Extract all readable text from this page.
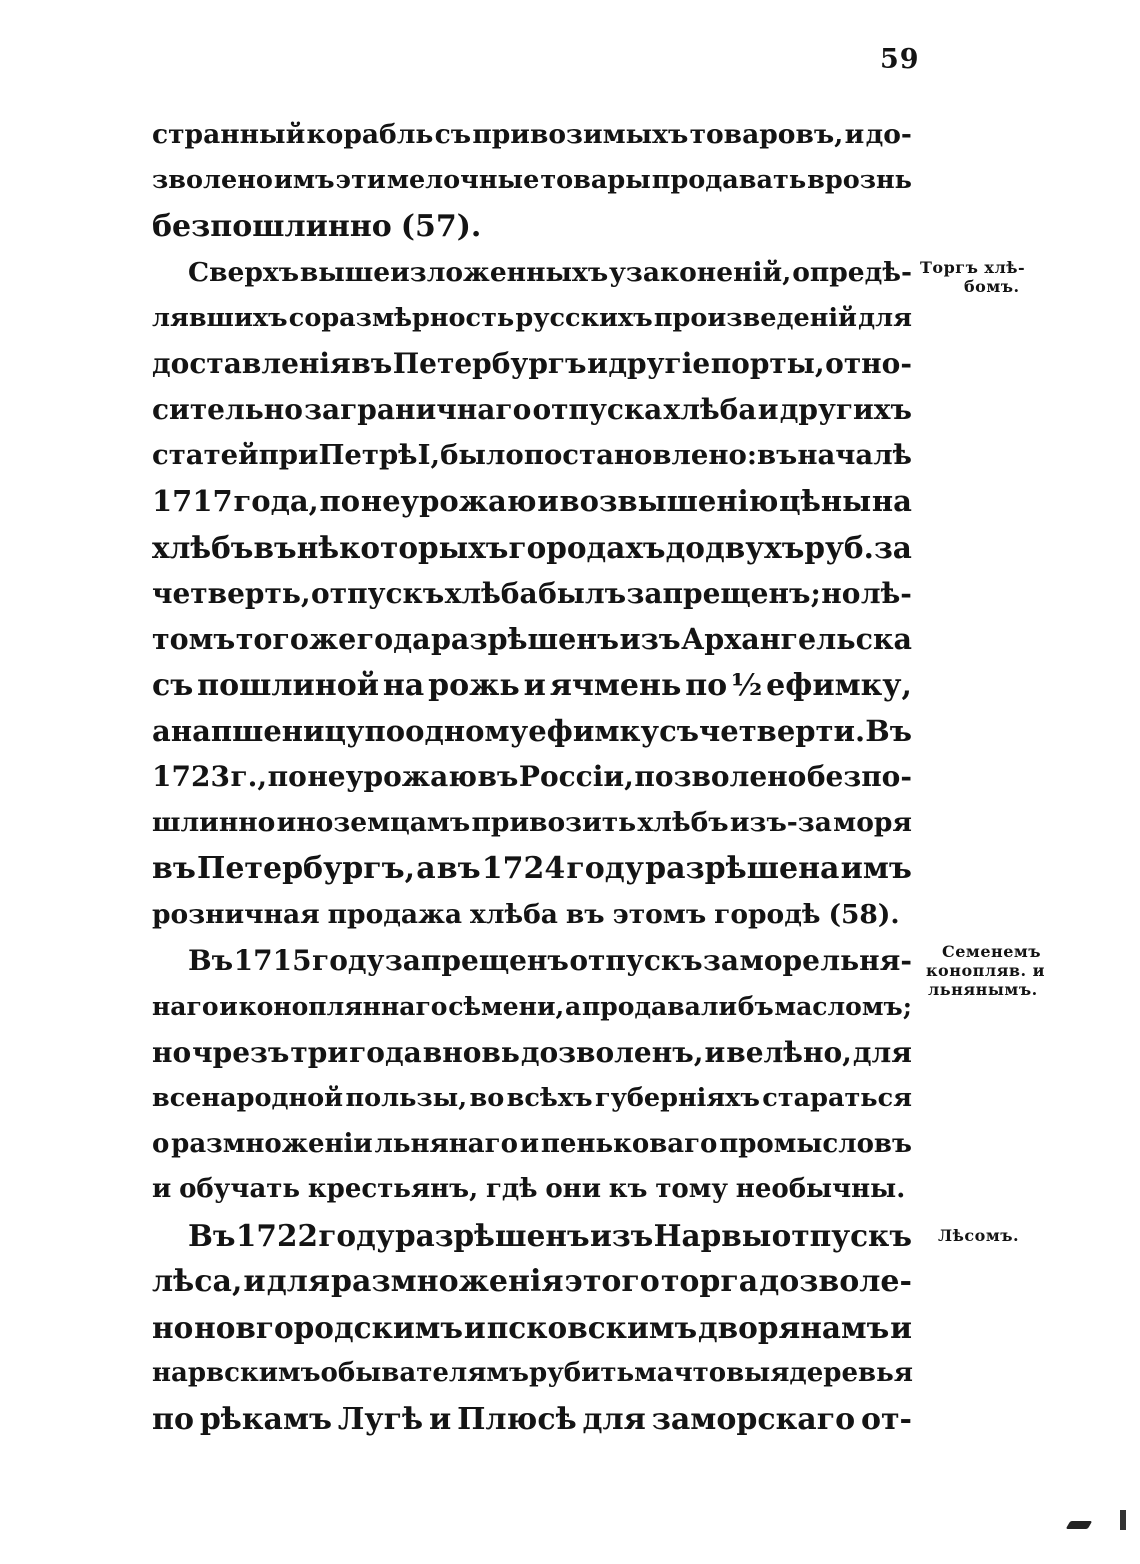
59
странный корабль съ привозимыхъ товаровъ, и до-
зволено имъ эти мелочные товары продавать врознь
безпошлинно (57).
Сверхъ вышеизложенныхъ узаконенiй, опредѣ-
лявшихъ соразмѣрность русскихъ произведенiй для
доставленiя въ Петербургъ и другiе порты, отно-
сительно заграничнаго отпуска хлѣба и другихъ
статей при Петрѣ I, было постановлено: въ началѣ
1717 года, по неурожаю и возвышенiю цѣны на
хлѣбъ въ нѣкоторыхъ городахъ до двухъ руб. за
четверть, отпускъ хлѣба былъ запрещенъ; но лѣ-
томъ того же года разрѣшенъ изъ Архангельска
съ пошлиной на рожь и ячмень по ½ ефимку,
а на пшеницу по одному ефимку съ четверти. Въ
1723 г., по неурожаю въ Россiи, позволено безпо-
шлинно иноземцамъ привозить хлѣбъ изъ-за моря
въ Петербургъ, а въ 1724 году разрѣшена имъ
розничная продажа хлѣба въ этомъ городѣ (58).
Въ 1715 году запрещенъ отпускъ за море льня-
наго и конопляннаго сѣмени, а продавали бъ масломъ;
но чрезъ три года вновь дозволенъ, и велѣно, для
всенародной пользы, во всѣхъ губернiяхъ стараться
о размноженiи льнянаго и пеньковаго промысловъ
и обучать крестьянъ, гдѣ они къ тому необычны.
Въ 1722 году разрѣшенъ изъ Нарвы отпускъ
лѣса, и для размноженiя этого торга дозволе-
но новгородскимъ и псковскимъ дворянамъ и
нарвскимъ обывателямъ рубить мачтовыя деревья
по рѣкамъ Лугѣ и Плюсѣ для заморскаго от-
Торгъ хлѣ-
бомъ.
Семенемъ
конопляв. и
льнянымъ.
Лѣсомъ.
